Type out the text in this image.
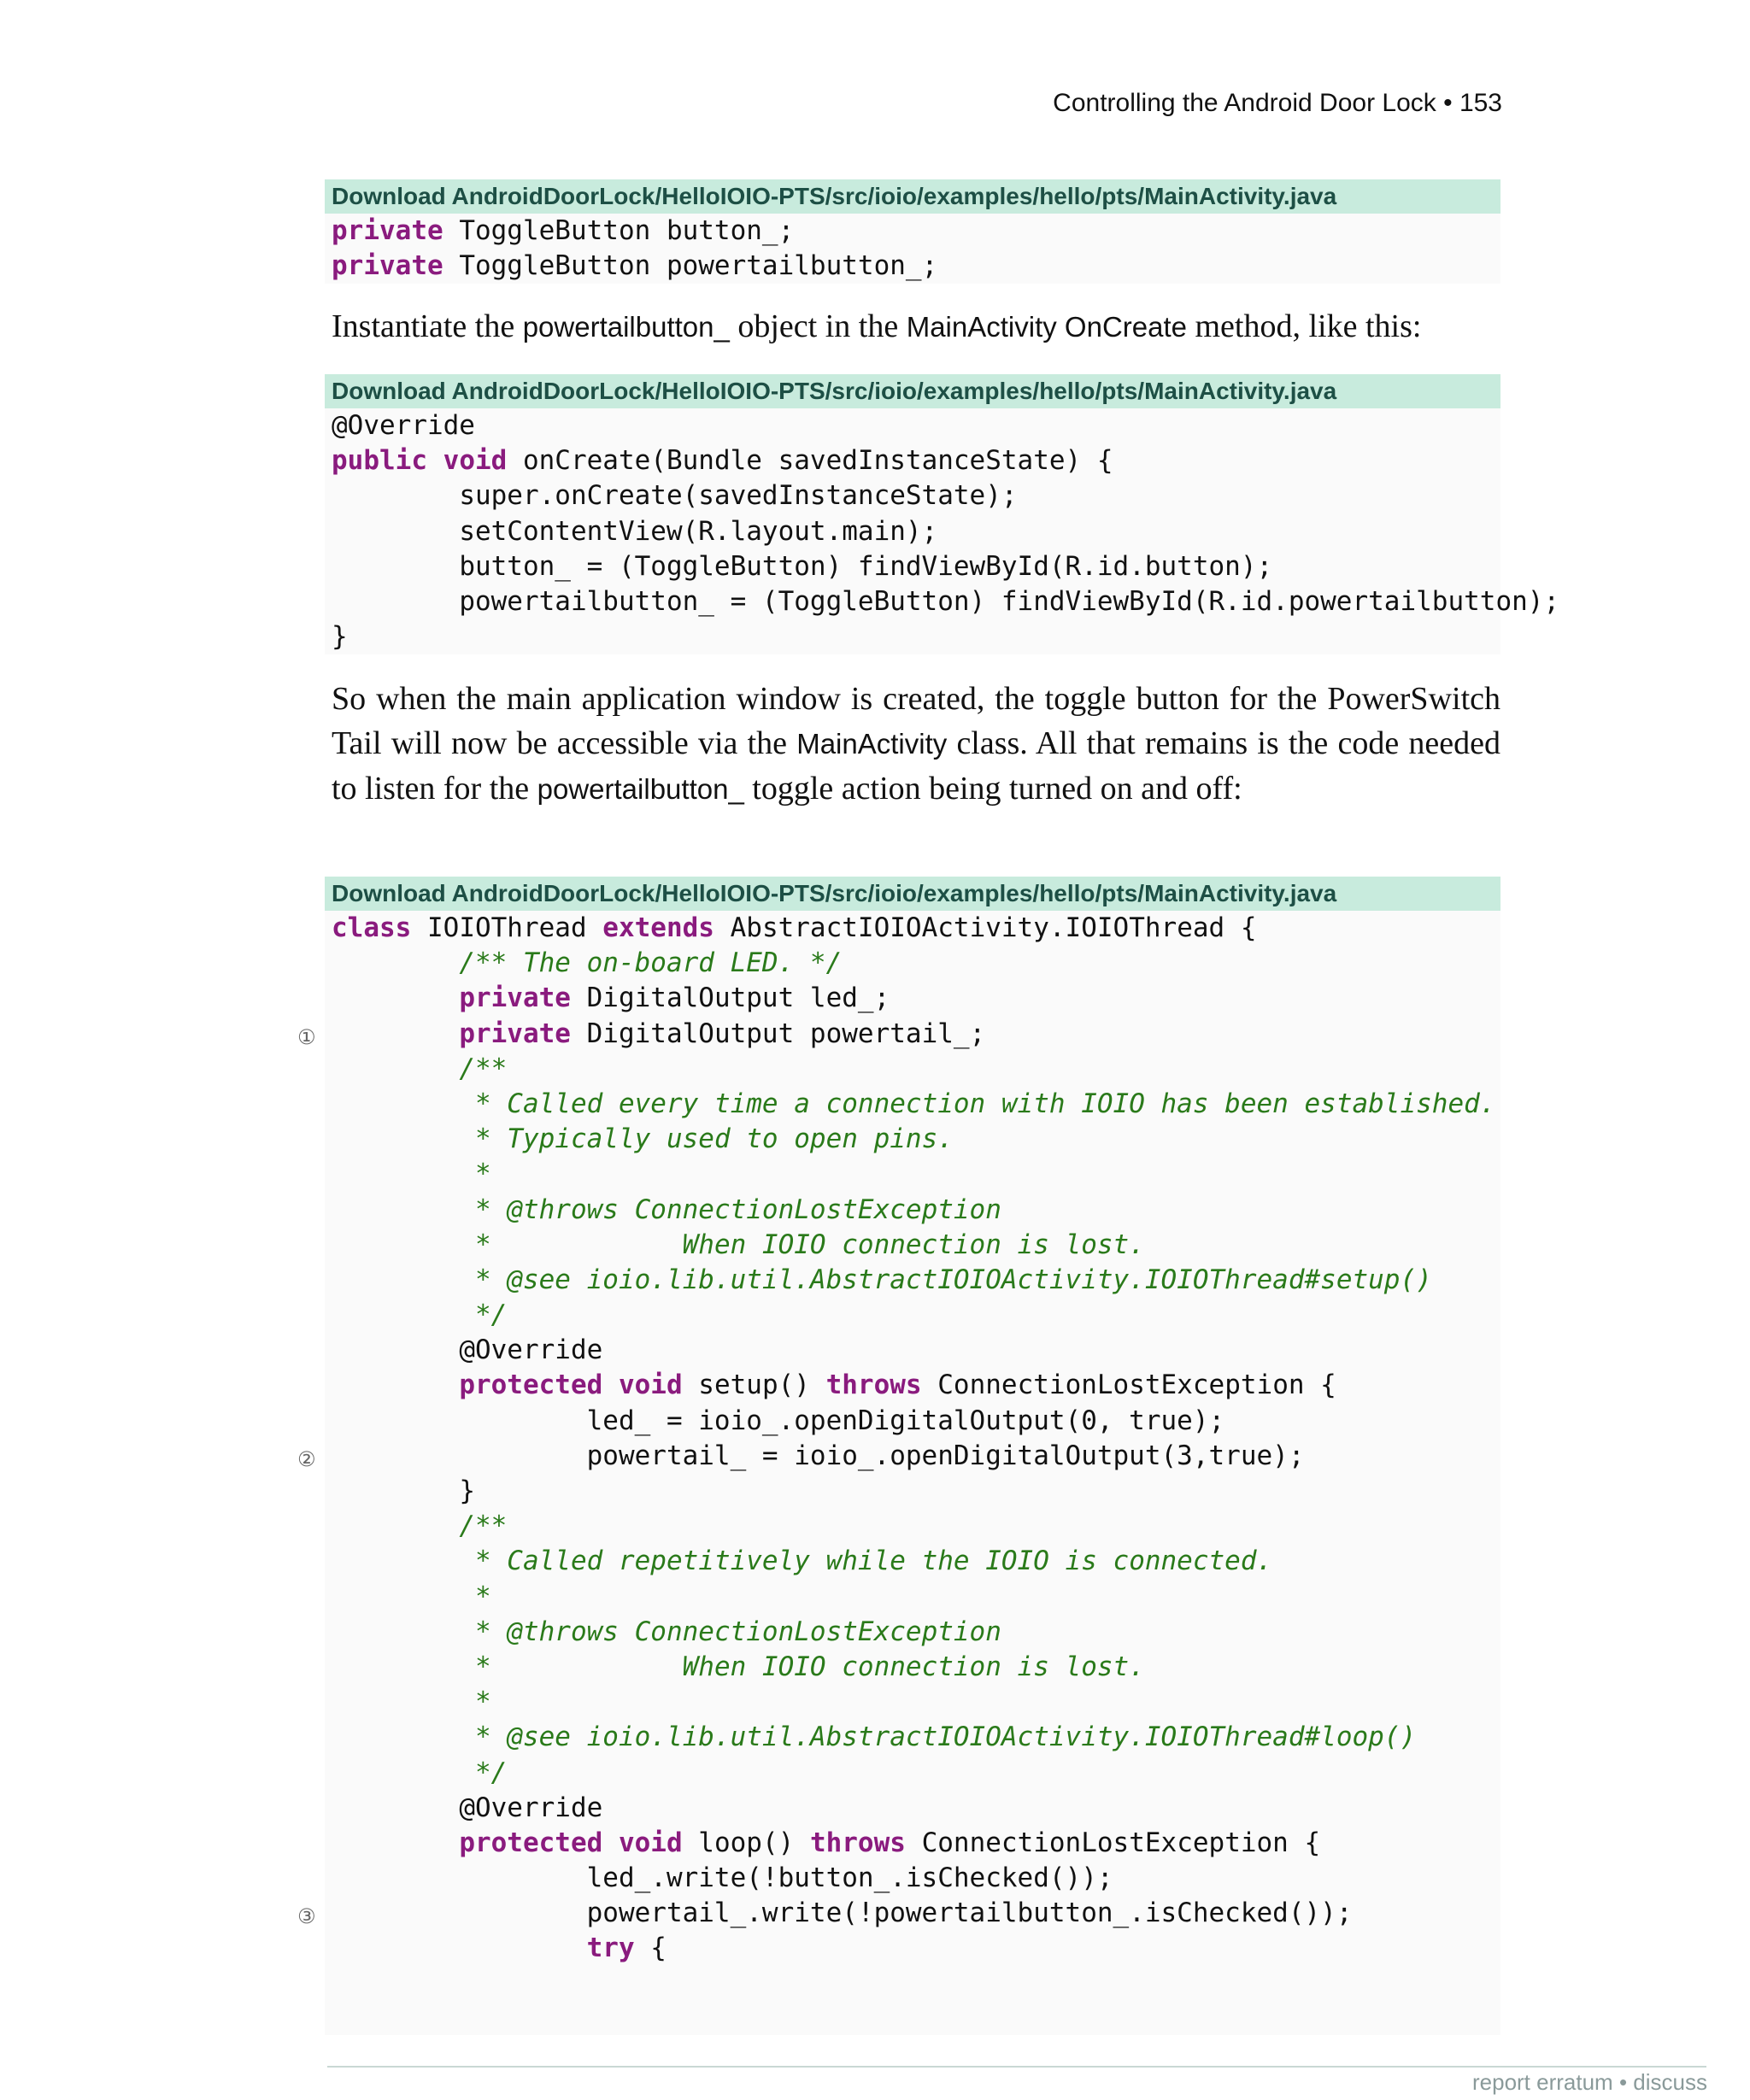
Controlling the Android Door Lock • 153
Download AndroidDoorLock/HelloIOIO-PTS/src/ioio/examples/hello/pts/MainActivity.java
private ToggleButton button_;
private ToggleButton powertailbutton_;
Instantiate the powertailbutton_ object in the MainActivity OnCreate method, like this:
Download AndroidDoorLock/HelloIOIO-PTS/src/ioio/examples/hello/pts/MainActivity.java
@Override
public void onCreate(Bundle savedInstanceState) {
super.onCreate(savedInstanceState);
setContentView(R.layout.main);
button_ = (ToggleButton) findViewById(R.id.button);
powertailbutton_ = (ToggleButton) findViewById(R.id.powertailbutton);
}
So when the main application window is created, the toggle button for the PowerSwitch Tail will now be accessible via the MainActivity class. All that remains is the code needed to listen for the powertailbutton_ toggle action being turned on and off:
Download AndroidDoorLock/HelloIOIO-PTS/src/ioio/examples/hello/pts/MainActivity.java
class IOIOThread extends AbstractIOIOActivity.IOIOThread {
/** The on-board LED. */
private DigitalOutput led_;
①	private DigitalOutput powertail_;
/**
* Called every time a connection with IOIO has been established.
* Typically used to open pins.
*
* @throws ConnectionLostException
*            When IOIO connection is lost.
* @see ioio.lib.util.AbstractIOIOActivity.IOIOThread#setup()
*/
@Override
protected void setup() throws ConnectionLostException {
led_ = ioio_.openDigitalOutput(0, true);
②	powertail_ = ioio_.openDigitalOutput(3,true);
}
/**
* Called repetitively while the IOIO is connected.
*
* @throws ConnectionLostException
*            When IOIO connection is lost.
*
* @see ioio.lib.util.AbstractIOIOActivity.IOIOThread#loop()
*/
@Override
protected void loop() throws ConnectionLostException {
led_.write(!button_.isChecked());
③	powertail_.write(!powertailbutton_.isChecked());
try {
report erratum • discuss
